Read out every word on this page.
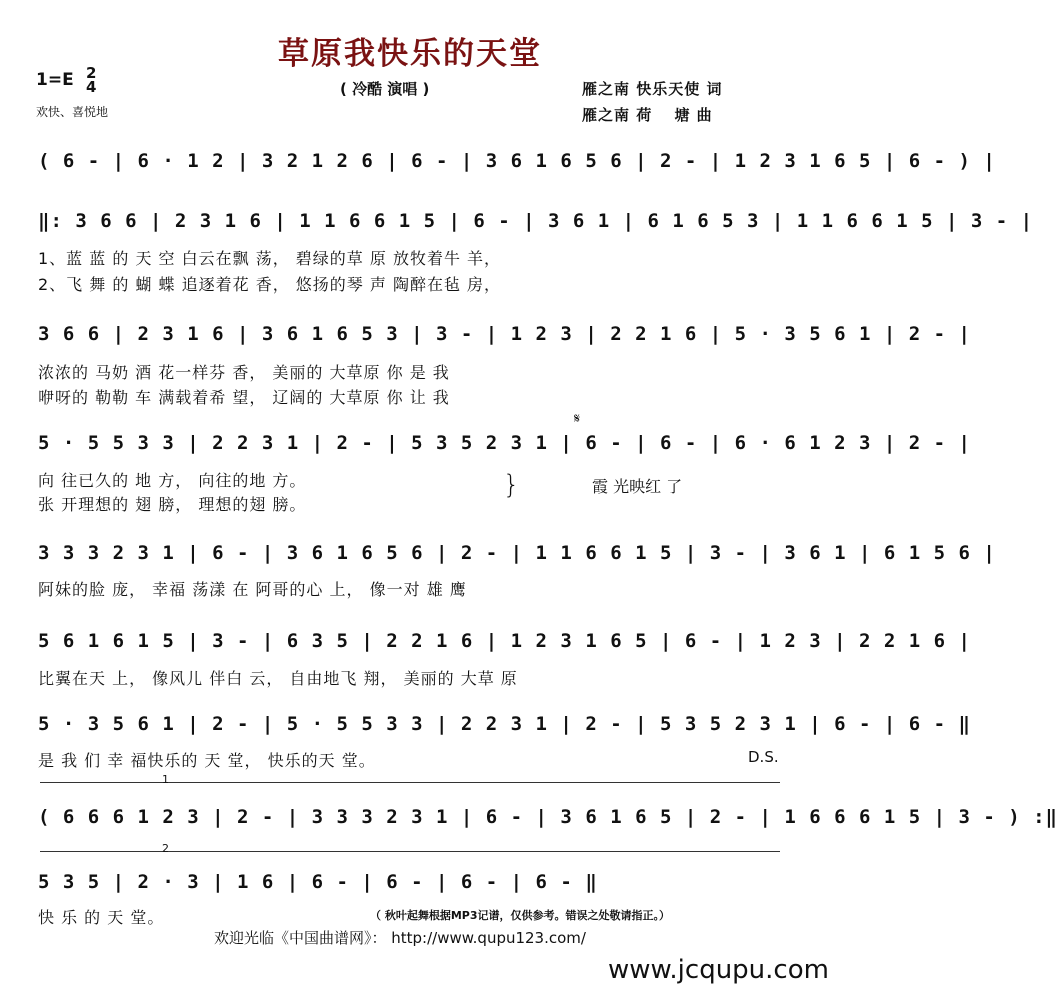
草原我快乐的天堂
1=E 2
4	( 冷酷 演唱 )
欢快、喜悦地
雁之南 快乐天使 词
雁之南 荷　 塘 曲
( 6 - | 6 · 1 2 | 3 2 1 2 6 | 6 - | 3 6 1 6 5 6 | 2 - | 1 2 3 1 6 5 | 6 - ) |
‖: 3 6 6 | 2 3 1 6 | 1 1 6 6 1 5 | 6 - | 3 6 1 | 6 1 6 5 3 | 1 1 6 6 1 5 | 3 - |
1、蓝 蓝 的 天 空 白云在飘 荡， 碧绿的草 原 放牧着牛 羊，
2、飞 舞 的 蝴 蝶 追逐着花 香， 悠扬的琴 声 陶醉在毡 房，
3 6 6 | 2 3 1 6 | 3 6 1 6 5 3 | 3 - | 1 2 3 | 2 2 1 6 | 5 · 3 5 6 1 | 2 - |
浓浓的 马奶 酒 花一样芬 香， 美丽的 大草原 你 是 我
咿呀的 勒勒 车 满载着希 望， 辽阔的 大草原 你 让 我
𝄋
5 · 5 5 3 3 | 2 2 3 1 | 2 - | 5 3 5 2 3 1 | 6 - | 6 - | 6 · 6 1 2 3 | 2 - |
向 往已久的 地 方， 向往的地 方。
张 开理想的 翅 膀， 理想的翅 膀。
}	霞 光映红 了
3 3 3 2 3 1 | 6 - | 3 6 1 6 5 6 | 2 - | 1 1 6 6 1 5 | 3 - | 3 6 1 | 6 1 5 6 |
阿妹的脸 庞， 幸福 荡漾 在 阿哥的心 上， 像一对 雄 鹰
5 6 1 6 1 5 | 3 - | 6 3 5 | 2 2 1 6 | 1 2 3 1 6 5 | 6 - | 1 2 3 | 2 2 1 6 |
比翼在天 上， 像风儿 伴白 云， 自由地飞 翔， 美丽的 大草 原
5 · 3 5 6 1 | 2 - | 5 · 5 5 3 3 | 2 2 3 1 | 2 - | 5 3 5 2 3 1 | 6 - | 6 - ‖
是 我 们 幸 福快乐的 天 堂， 快乐的天 堂。	D.S.
1
( 6 6 6 1 2 3 | 2 - | 3 3 3 2 3 1 | 6 - | 3 6 1 6 5 | 2 - | 1 6 6 6 1 5 | 3 - ) :‖
2
5 3 5 | 2 · 3 | 1 6 | 6 - | 6 - | 6 - | 6 - ‖
快 乐 的 天 堂。	（ 秋叶起舞根据MP3记谱，仅供参考。错误之处敬请指正。）
欢迎光临《中国曲谱网》： http://www.qupu123.com/
www.jcqupu.com
